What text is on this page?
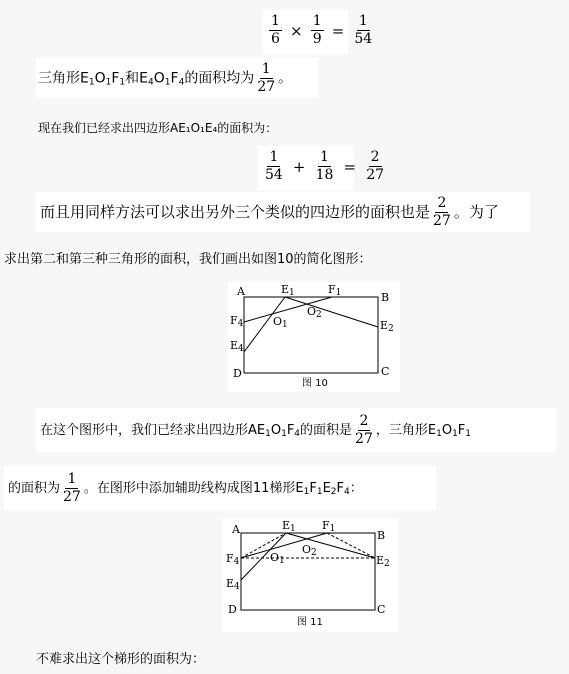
$\frac{1}{6} \times \frac{1}{9} = \frac{1}{54}$
三角形$E_1O_1F_1$和$E_4O_1F_4$的面积均为 $\frac{1}{27}$ 。
现在我们已经求出四边形AE₁O₁E₄的面积为：
$\frac{1}{54} + \frac{1}{18} = \frac{2}{27}$
而且用同样方法可以求出另外三个类似的四边形的面积也是 $\frac{2}{27}$ 。为了
求出第二和第三种三角形的面积，我们画出如图10的简化图形：
A	B
C
D
$E_1$	$F_1$
$F_4$	$O_1$
$O_2$
$E_2$
$E_4$
图 10
在这个图形中，我们已经求出四边形$AE_1O_1F_4$的面积是 $\frac{2}{27}$ ，三角形$E_1O_1F_1$
的面积为 $\frac{1}{27}$ 。在图形中添加辅助线构成图11梯形$E_1F_1E_2F_4$：
A	B
C
D
$E_1$ $F_1$
$F_4$	$O_1$
$O_2$
$E_2$
$E_4$
图 11
不难求出这个梯形的面积为：
